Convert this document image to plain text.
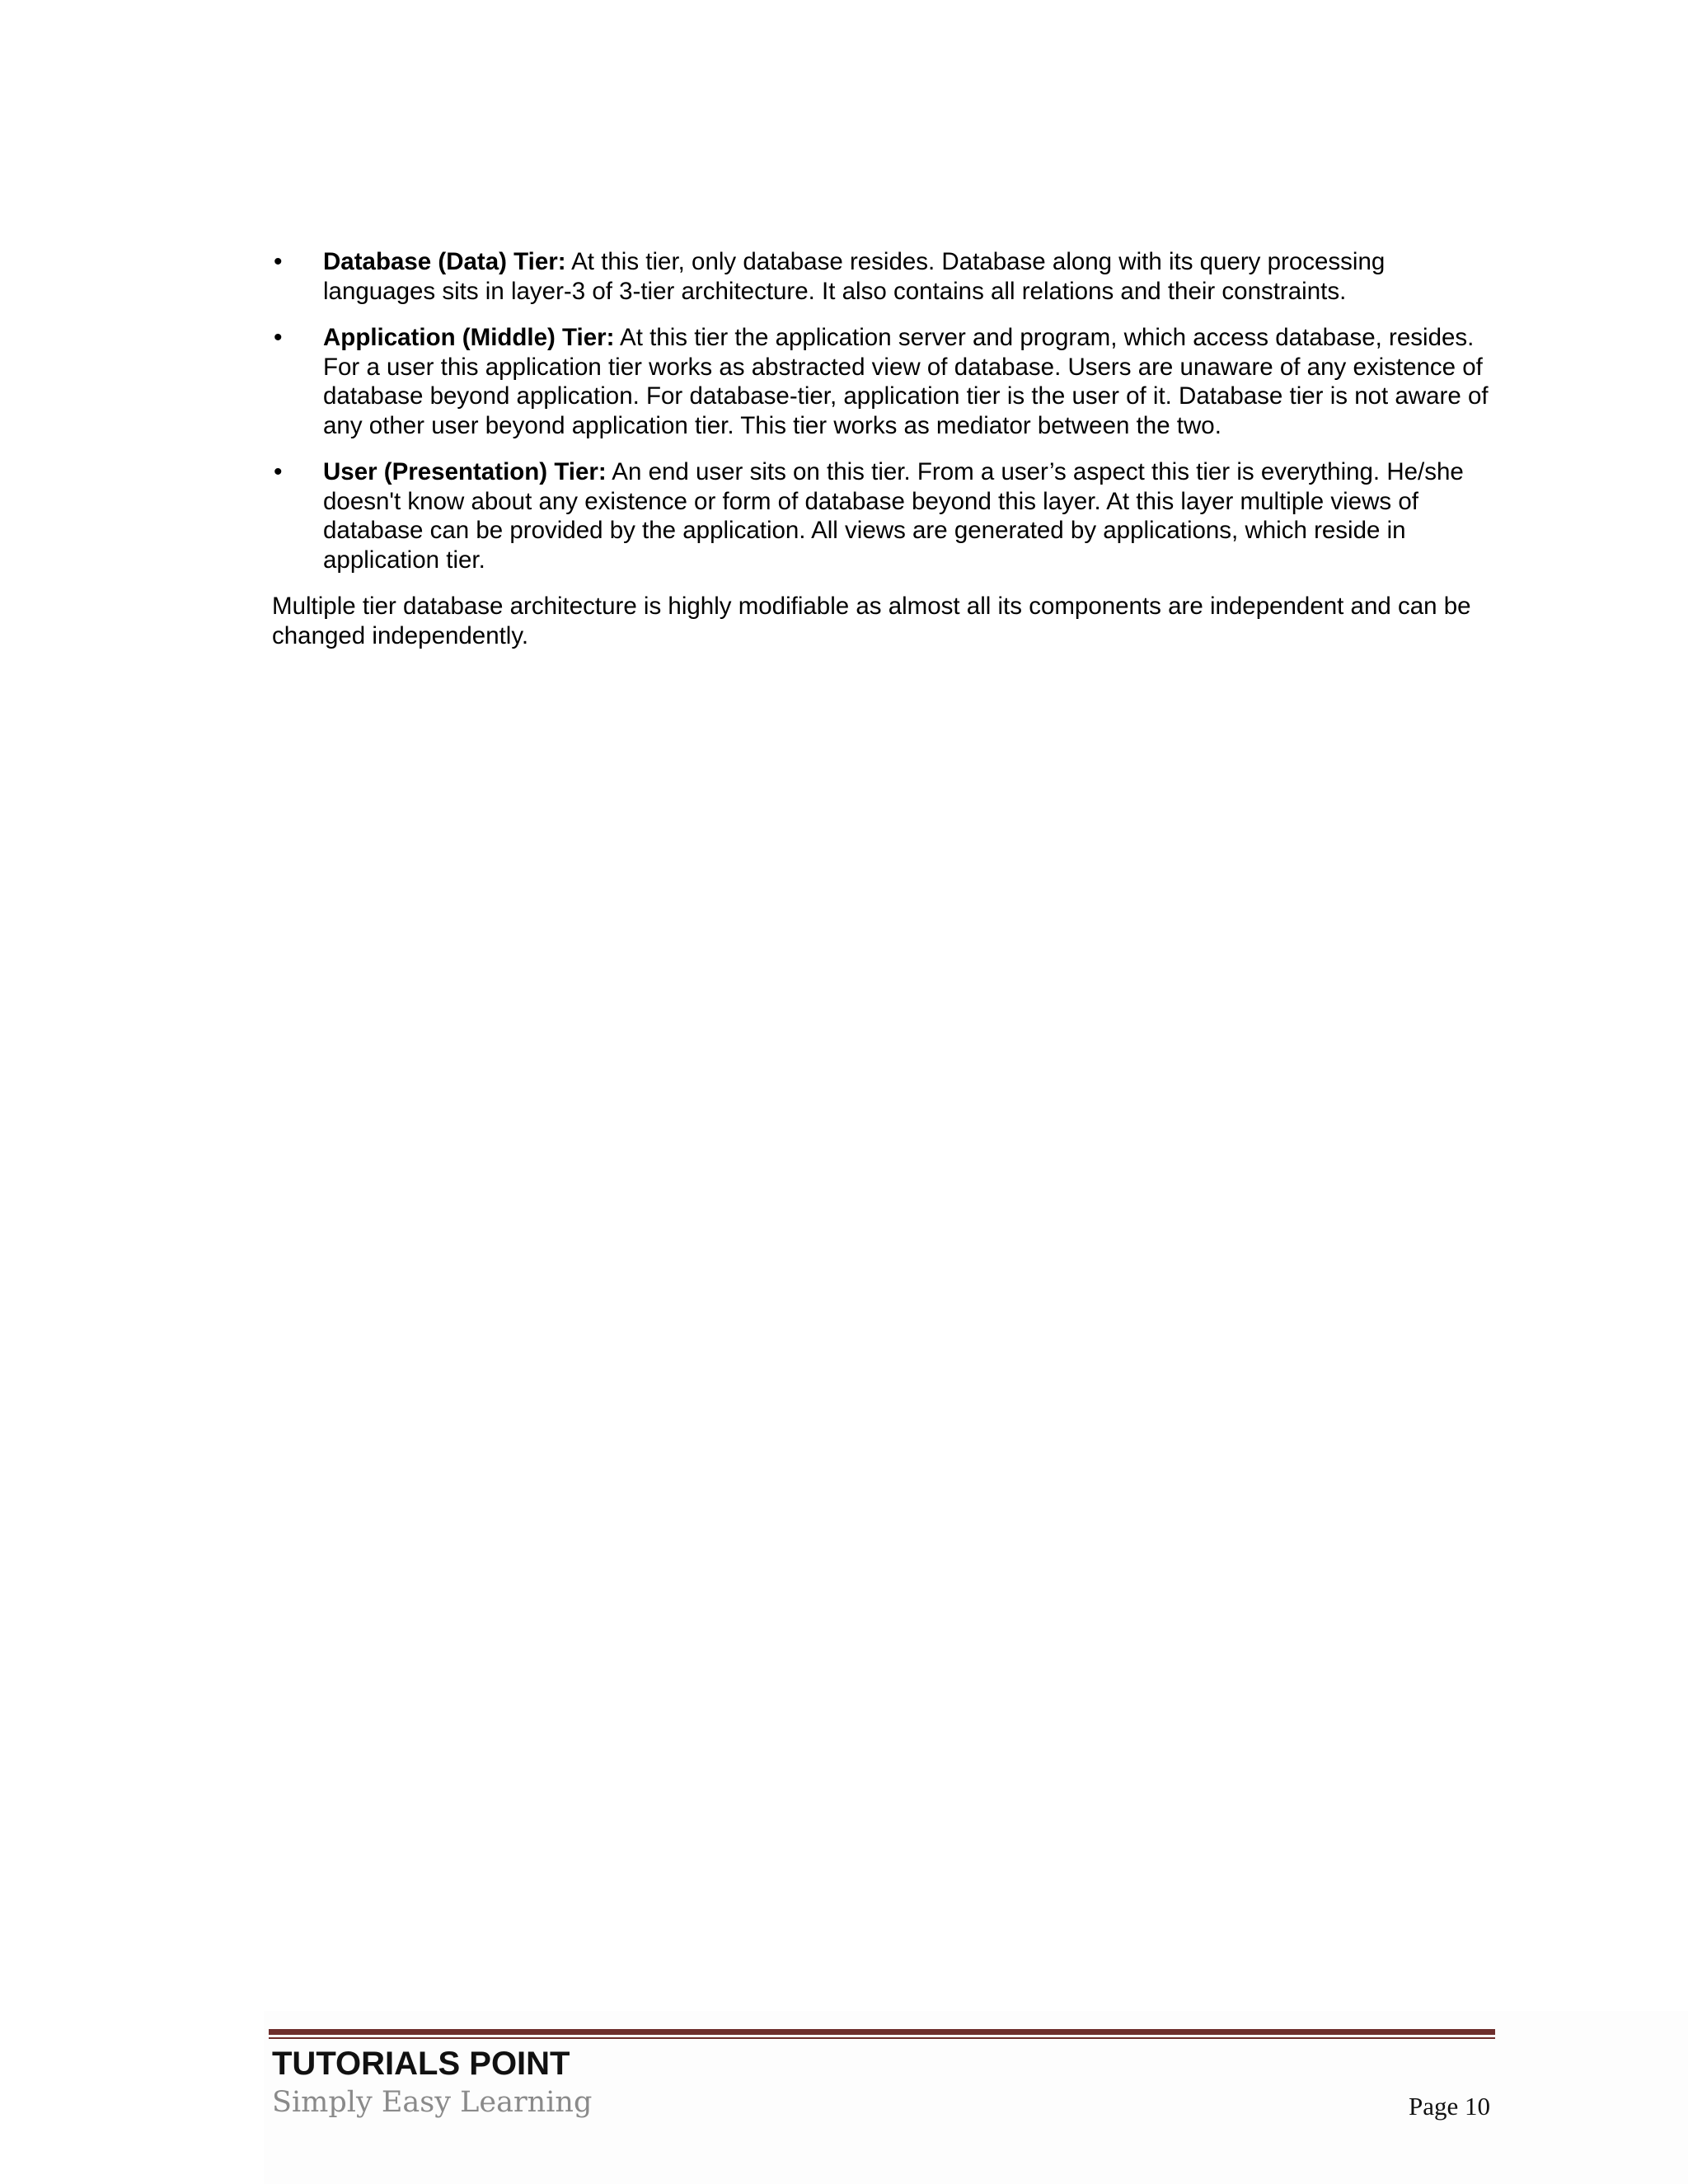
• Database (Data) Tier: At this tier, only database resides. Database along with its query processing languages sits in layer-3 of 3-tier architecture. It also contains all relations and their constraints.
• Application (Middle) Tier: At this tier the application server and program, which access database, resides. For a user this application tier works as abstracted view of database. Users are unaware of any existence of database beyond application. For database-tier, application tier is the user of it. Database tier is not aware of any other user beyond application tier. This tier works as mediator between the two.
• User (Presentation) Tier: An end user sits on this tier. From a user’s aspect this tier is everything. He/she doesn't know about any existence or form of database beyond this layer. At this layer multiple views of database can be provided by the application. All views are generated by applications, which reside in application tier.

Multiple tier database architecture is highly modifiable as almost all its components are independent and can be changed independently.

TUTORIALS POINT
Simply Easy Learning	Page 10
